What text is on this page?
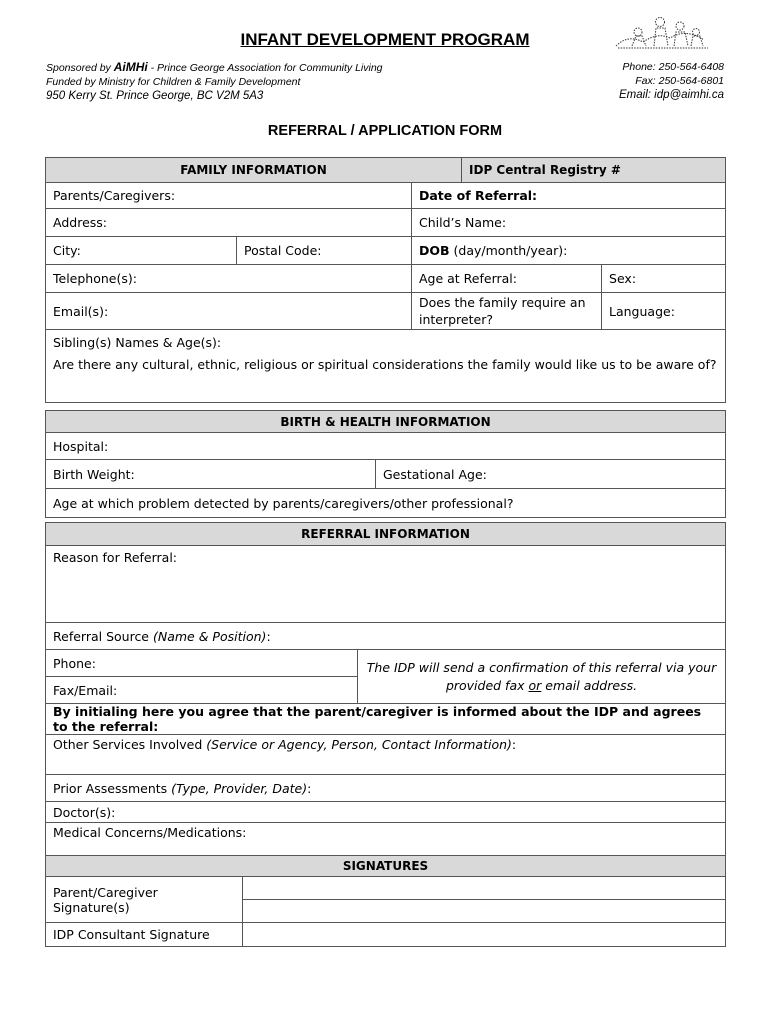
INFANT DEVELOPMENT PROGRAM
Sponsored by AiMHi - Prince George Association for Community Living
Funded by Ministry for Children & Family Development
950 Kerry St. Prince George, BC V2M 5A3
Phone: 250-564-6408
Fax: 250-564-6801
Email: idp@aimhi.ca
REFERRAL / APPLICATION FORM
FAMILY INFORMATION			IDP Central Registry #	
Parents/Caregivers:		Date of Referral:		
Address:		Child’s Name:		
City:	Postal Code:	DOB (day/month/year):		
Telephone(s):		Age at Referral:		Sex:
Email(s):		Does the family require an interpreter?		Language:
Sibling(s) Names & Age(s):				
Are there any cultural, ethnic, religious or spiritual considerations the family would like us to be aware of?				
BIRTH & HEALTH INFORMATION
Hospital:
Birth Weight:	Gestational Age:
Age at which problem detected by parents/caregivers/other professional?
REFERRAL INFORMATION
Reason for Referral:
Referral Source (Name & Position):
Phone:	The IDP will send a confirmation of this referral via your provided fax or email address.
Fax/Email:
By initialing here you agree that the parent/caregiver is informed about the IDP and agrees to the referral:
Other Services Involved (Service or Agency, Person, Contact Information):
Prior Assessments (Type, Provider, Date):
Doctor(s):
Medical Concerns/Medications:
SIGNATURES	
Parent/Caregiver Signature(s)	

IDP Consultant Signature	
